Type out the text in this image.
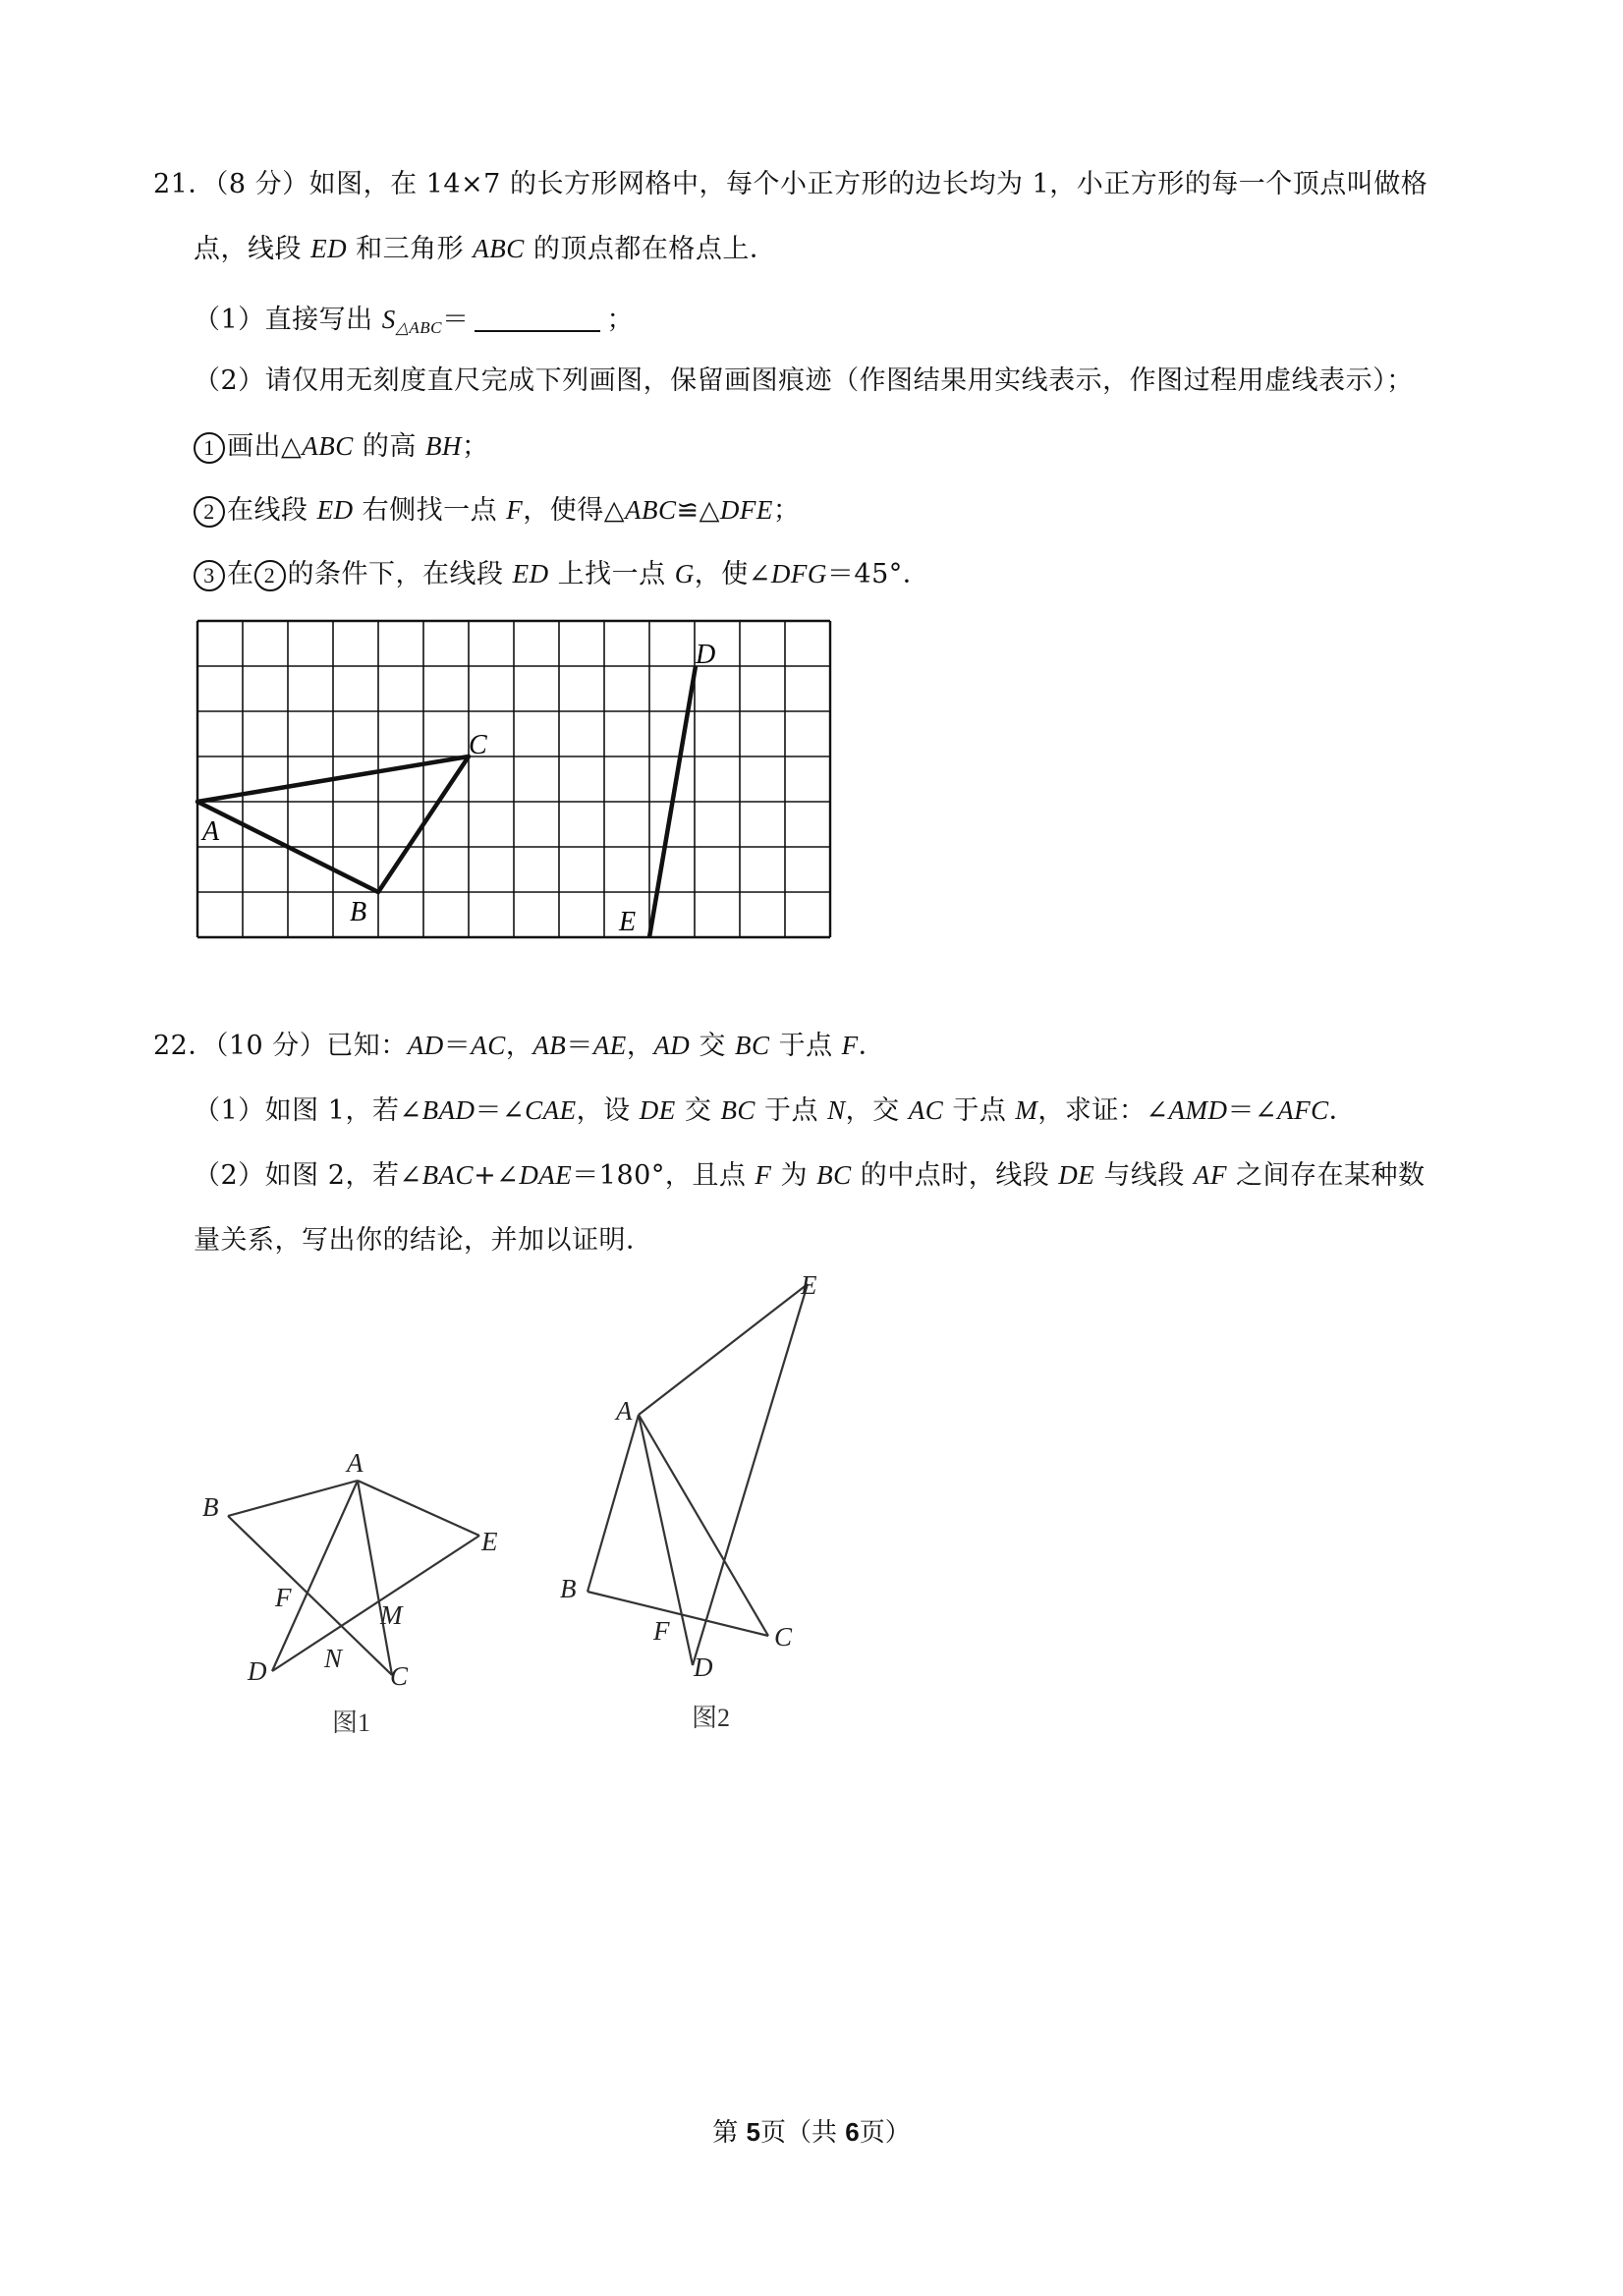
21．（8 分）如图，在 14×7 的长方形网格中，每个小正方形的边长均为 1，小正方形的每一个顶点叫做格
点，线段 ED 和三角形 ABC 的顶点都在格点上．
（1）直接写出 $S_{\triangle ABC}=$	；
（2）请仅用无刻度直尺完成下列画图，保留画图痕迹（作图结果用实线表示，作图过程用虚线表示）；
1 画出△ABC 的高 BH；
2 在线段 ED 右侧找一点 F，使得△ABC≌△DFE；
3 在 2 的条件下，在线段 ED 上找一点 G，使∠DFG＝45°．
A
B
C
D
E
22．（10 分）已知：AD＝AC，AB＝AE，AD 交 BC 于点 F．
（1）如图 1，若∠BAD＝∠CAE，设 DE 交 BC 于点 N，交 AC 于点 M，求证：∠AMD＝∠AFC．
（2）如图 2，若∠BAC+∠DAE＝180°，且点 F 为 BC 的中点时，线段 DE 与线段 AF 之间存在某种数
量关系，写出你的结论，并加以证明．
A
B
E
F
M
N
D	C
图1
E
A
B
F	C
D
图2
第 5页（共 6页）
